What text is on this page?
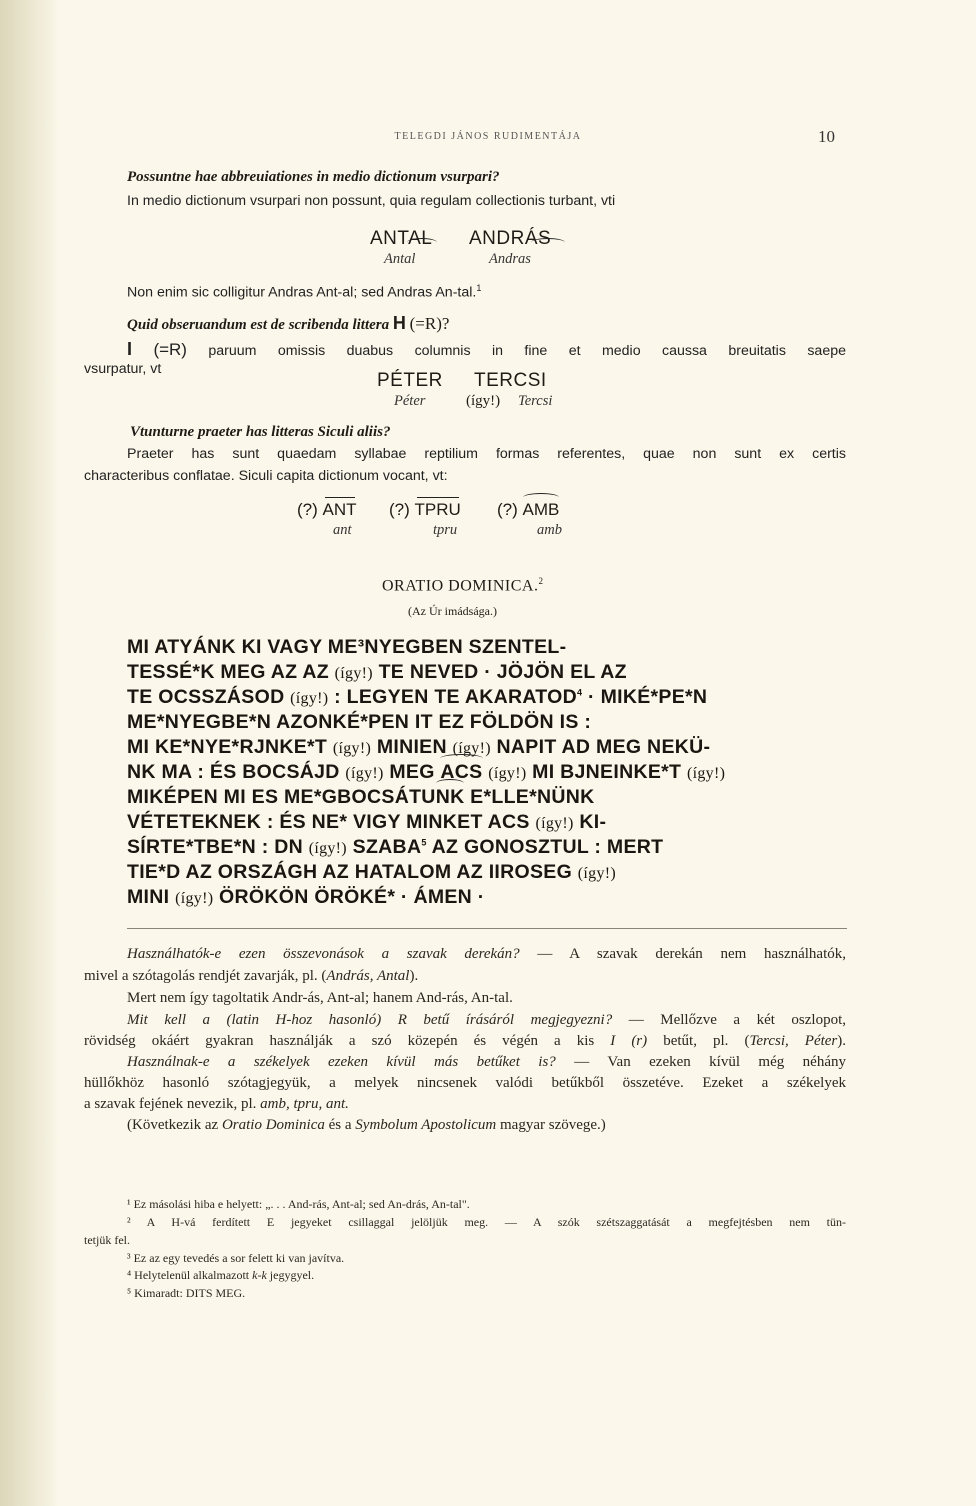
TELEGDI JÁNOS RUDIMENTÁJA	10
Possuntne hae abbreuiationes in medio dictionum vsurpari?
In medio dictionum vsurpari non possunt, quia regulam collectionis turbant, vti
ANTAL ANDRÁS

Antal	Andras
Non enim sic colligitur Andras Ant-al; sed Andras An-tal.$^1$
Quid obseruandum est de scribenda littera H (=R)?
I (=R) paruum omissis duabus columnis in fine et medio caussa breuitatis saepe
vsurpatur, vt
PÉTER TERCSI
Péter	(így!) Tercsi
Vtunturne praeter has litteras Siculi aliis?
Praeter has sunt quaedam syllabae reptilium formas referentes, quae non sunt ex certis
characteribus conflatae. Siculi capita dictionum vocant, vt:
(?) ANT (?) TPRU (?) AMB
ant	tpru	amb
ORATIO DOMINICA.$^2$
(Az Úr imádsága.)
MI ATYÁNK KI VAGY ME³NYEGBEN SZENTEL-
TESSÉ*K MEG AZ AZ (így!) TE NEVED · JÖJÖN EL AZ
TE OCSSZÁSOD (így!) : LEGYEN TE $AKARATOD^4$ · MIKÉ*PE*N
ME*NYEGBE*N AZONKÉ*PEN IT EZ FÖLDÖN IS :
MI KE*NYE*RJNKE*T (így!) MINIEN (így!) NAPIT AD MEG NEKÜ-
NK MA : ÉS BOCSÁJD (így!) MEG ACS (így!) MI BJNEINKE*T (így!)
MIKÉPEN MI ES ME*GBOCSÁTUNK E*LLE*NÜNK
VÉTETEKNEK : ÉS NE* VIGY MINKET ACS (így!) KI-
SÍRTE*TBE*N : DN (így!) SZABA$^5$ AZ GONOSZTUL : MERT
TIE*D AZ ORSZÁGH AZ HATALOM AZ IIROSEG (így!)
MINI (így!) ÖRÖKÖN ÖRÖKÉ* · ÁMEN ·
Használhatók-e ezen összevonások a szavak derekán? — A szavak derekán nem használhatók,
mivel a szótagolás rendjét zavarják, pl. (András, Antal).
Mert nem így tagoltatik Andr-ás, Ant-al; hanem And-rás, An-tal.
Mit kell a (latin H-hoz hasonló) R betű írásáról megjegyezni? — Mellőzve a két oszlopot,
rövidség okáért gyakran használják a szó közepén és végén a kis I (r) betűt, pl. (Tercsi, Péter).
Használnak-e a székelyek ezeken kívül más betűket is? — Van ezeken kívül még néhány
hüllőkhöz hasonló szótagjegyük, a melyek nincsenek valódi betűkből összetéve. Ezeket a székelyek
a szavak fejének nevezik, pl. amb, tpru, ant.
(Következik az Oratio Dominica és a Symbolum Apostolicum magyar szövege.)
¹ Ez másolási hiba e helyett: „. . . And-rás, Ant-al; sed An-drás, An-tal".
² A H-vá ferdített E jegyeket csillaggal jelöljük meg. — A szók szétszaggatását a megfejtésben nem tün-
tetjük fel.
³ Ez az egy tevedés a sor felett ki van javítva.
⁴ Helytelenül alkalmazott k-k jegygyel.
⁵ Kimaradt: DITS MEG.
